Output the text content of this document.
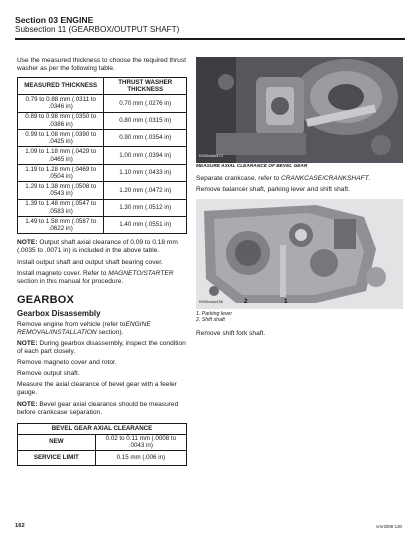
Section 03 ENGINE
Subsection 11 (GEARBOX/OUTPUT SHAFT)

Use the measured thickness to choose the required thrust washer as per the following table.

MEASURED THICKNESS	THRUST WASHER THICKNESS
0.79 to 0.88 mm (.0311 to .0346 in)	0.70 mm (.0276 in)
0.89 to 0.98 mm (.0350 to .0386 in)	0.80 mm (.0315 in)
0.99 to 1.08 mm (.0390 to .0425 in)	0.90 mm (.0354 in)
1.09 to 1.18 mm (.0429 to .0465 in)	1.00 mm (.0394 in)
1.19 to 1.28 mm (.0469 to .0504 in)	1.10 mm (.0433 in)
1.29 to 1.38 mm (.0508 to .0543 in)	1.20 mm (.0472 in)
1.39 to 1.48 mm (.0547 to .0583 in)	1.30 mm (.0512 in)
1.49 to 1.58 mm (.0587 to .0622 in)	1.40 mm (.0551 in)

NOTE: Output shaft axial clearance of 0.09 to 0.18 mm (.0035 to .0071 in) is included in the above table.

Install output shaft and output shaft bearing cover.

Install magneto cover. Refer to MAGNETO/STARTER section in this manual for procedure.

GEARBOX
Gearbox Disassembly

Remove engine from vehicle (refer toENGINE REMOVAL/INSTALLATION section).

NOTE: During gearbox disassembly, inspect the condition of each part closely.

Remove magneto cover and rotor.

Remove output shaft.

Measure the axial clearance of bevel gear with a feeler gauge.

NOTE: Bevel gear axial clearance should be measured before crankcase separation.

BEVEL GEAR AXIAL CLEARANCE	
NEW	0.02 to 0.11 mm (.0008 to .0043 in)
SERVICE LIMIT	0.15 mm (.006 in)
R400motor174
MEASURE AXIAL CLEARANCE OF BEVEL GEAR

Separate crankcase, refer to CRANKCASE/CRANKSHAFT.

Remove balancer shaft, parking lever and shift shaft.

R400motor158	2	1
1. Parking lever
2. Shift shaft

Remove shift fork shaft.

162	vmr2006-130
